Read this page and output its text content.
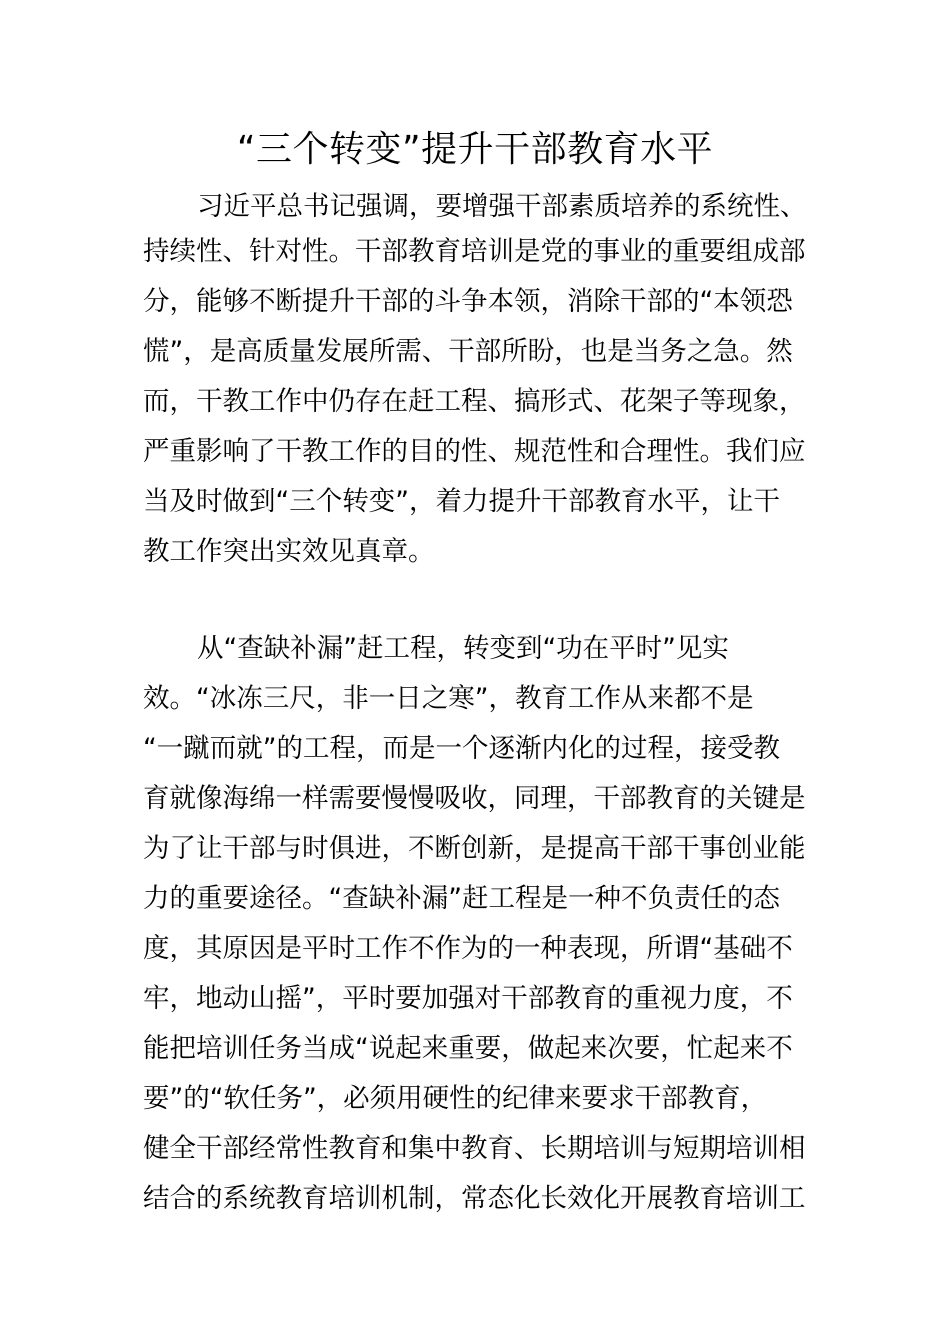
“三个转变”提升干部教育水平
习近平总书记强调，要增强干部素质培养的系统性、
持续性、针对性。干部教育培训是党的事业的重要组成部
分，能够不断提升干部的斗争本领，消除干部的“本领恐
慌”，是高质量发展所需、干部所盼，也是当务之急。然
而，干教工作中仍存在赶工程、搞形式、花架子等现象，
严重影响了干教工作的目的性、规范性和合理性。我们应
当及时做到“三个转变”，着力提升干部教育水平，让干
教工作突出实效见真章。
从“查缺补漏”赶工程，转变到“功在平时”见实
效。“冰冻三尺，非一日之寒”，教育工作从来都不是
“一蹴而就”的工程，而是一个逐渐内化的过程，接受教
育就像海绵一样需要慢慢吸收，同理，干部教育的关键是
为了让干部与时俱进，不断创新，是提高干部干事创业能
力的重要途径。“查缺补漏”赶工程是一种不负责任的态
度，其原因是平时工作不作为的一种表现，所谓“基础不
牢，地动山摇”，平时要加强对干部教育的重视力度，不
能把培训任务当成“说起来重要，做起来次要，忙起来不
要”的“软任务”，必须用硬性的纪律来要求干部教育，
健全干部经常性教育和集中教育、长期培训与短期培训相
结合的系统教育培训机制，常态化长效化开展教育培训工
